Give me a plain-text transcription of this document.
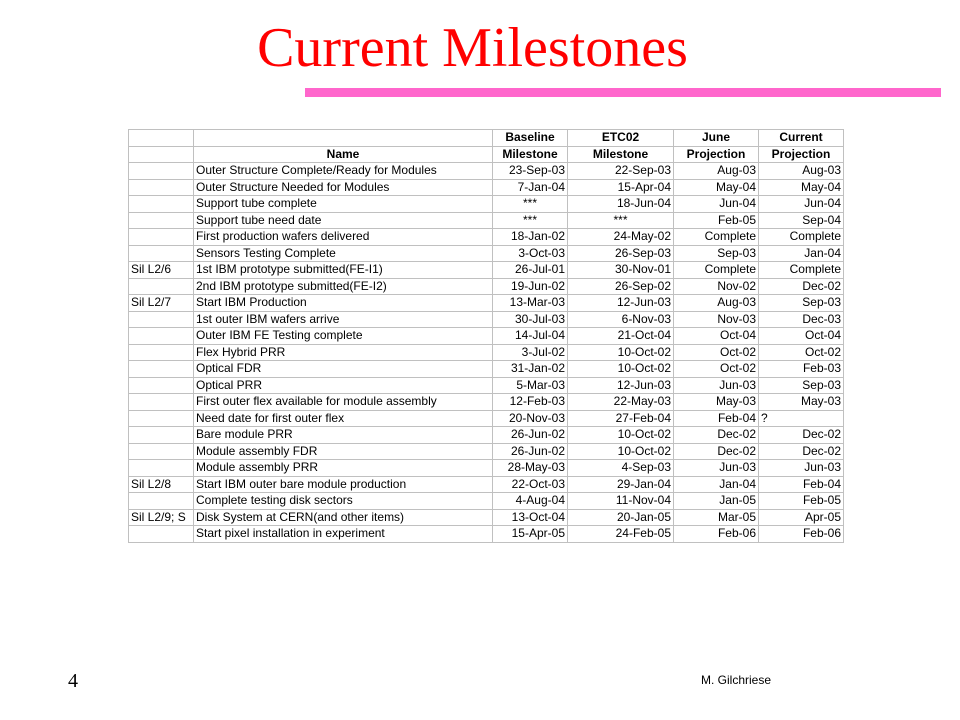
Current Milestones
		Baseline	ETC02	June	Current
	Name	Milestone	Milestone	Projection	Projection
	Outer Structure Complete/Ready for Modules	23-Sep-03	22-Sep-03	Aug-03	Aug-03
	Outer Structure Needed for Modules	7-Jan-04	15-Apr-04	May-04	May-04
	Support tube complete	***	18-Jun-04	Jun-04	Jun-04
	Support tube need date	***	***	Feb-05	Sep-04
	First production wafers delivered	18-Jan-02	24-May-02	Complete	Complete
	Sensors Testing Complete	3-Oct-03	26-Sep-03	Sep-03	Jan-04
Sil L2/6	1st IBM prototype submitted(FE-I1)	26-Jul-01	30-Nov-01	Complete	Complete
	2nd IBM prototype submitted(FE-I2)	19-Jun-02	26-Sep-02	Nov-02	Dec-02
Sil L2/7	Start IBM Production	13-Mar-03	12-Jun-03	Aug-03	Sep-03
	1st outer IBM wafers arrive	30-Jul-03	6-Nov-03	Nov-03	Dec-03
	Outer IBM FE Testing complete	14-Jul-04	21-Oct-04	Oct-04	Oct-04
	Flex Hybrid PRR	3-Jul-02	10-Oct-02	Oct-02	Oct-02
	Optical FDR	31-Jan-02	10-Oct-02	Oct-02	Feb-03
	Optical PRR	5-Mar-03	12-Jun-03	Jun-03	Sep-03
	First outer flex available for module assembly	12-Feb-03	22-May-03	May-03	May-03
	Need date for first outer flex	20-Nov-03	27-Feb-04	Feb-04	?
	Bare module PRR	26-Jun-02	10-Oct-02	Dec-02	Dec-02
	Module assembly FDR	26-Jun-02	10-Oct-02	Dec-02	Dec-02
	Module assembly PRR	28-May-03	4-Sep-03	Jun-03	Jun-03
Sil L2/8	Start IBM outer bare module production	22-Oct-03	29-Jan-04	Jan-04	Feb-04
	Complete testing disk sectors	4-Aug-04	11-Nov-04	Jan-05	Feb-05
Sil L2/9; S	Disk System at CERN(and other items)	13-Oct-04	20-Jan-05	Mar-05	Apr-05
	Start pixel installation in experiment	15-Apr-05	24-Feb-05	Feb-06	Feb-06
4	M. Gilchriese
